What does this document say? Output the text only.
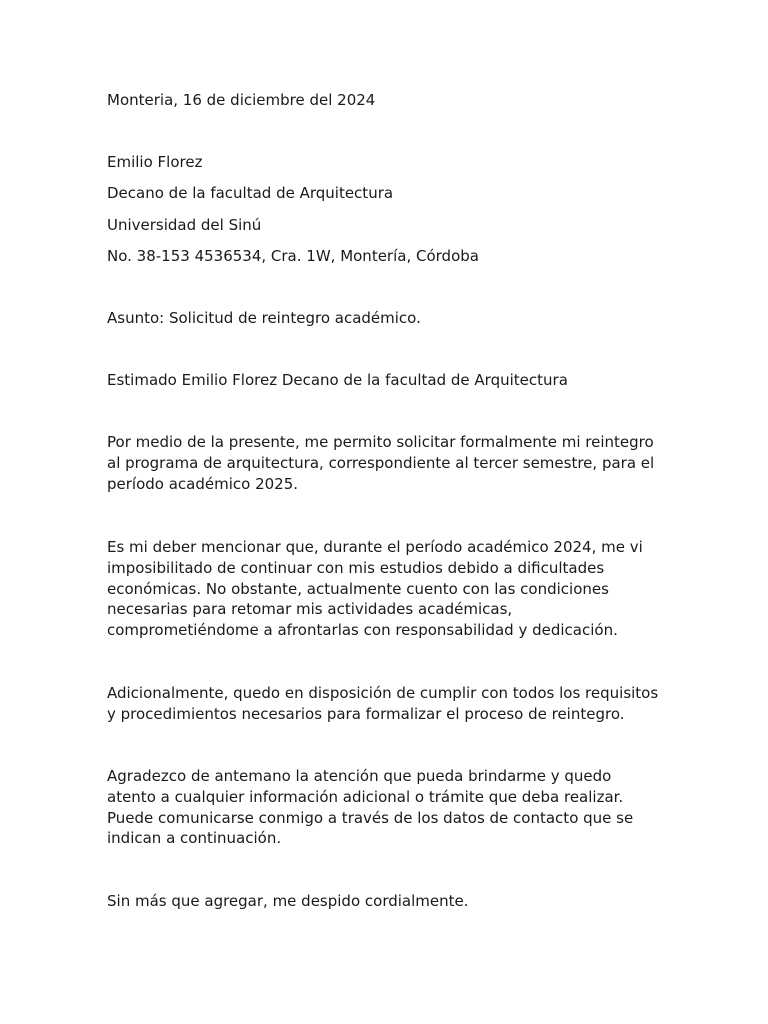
Monteria, 16 de diciembre del 2024

Emilio Florez

Decano de la facultad de Arquitectura

Universidad del Sinú

No. 38-153 4536534, Cra. 1W, Montería, Córdoba

Asunto: Solicitud de reintegro académico.

Estimado Emilio Florez Decano de la facultad de Arquitectura

Por medio de la presente, me permito solicitar formalmente mi reintegro
al programa de arquitectura, correspondiente al tercer semestre, para el
período académico 2025.
Es mi deber mencionar que, durante el período académico 2024, me vi
imposibilitado de continuar con mis estudios debido a dificultades
económicas. No obstante, actualmente cuento con las condiciones
necesarias para retomar mis actividades académicas,
comprometiéndome a afrontarlas con responsabilidad y dedicación.
Adicionalmente, quedo en disposición de cumplir con todos los requisitos
y procedimientos necesarios para formalizar el proceso de reintegro.
Agradezco de antemano la atención que pueda brindarme y quedo
atento a cualquier información adicional o trámite que deba realizar.
Puede comunicarse conmigo a través de los datos de contacto que se
indican a continuación.

Sin más que agregar, me despido cordialmente.
